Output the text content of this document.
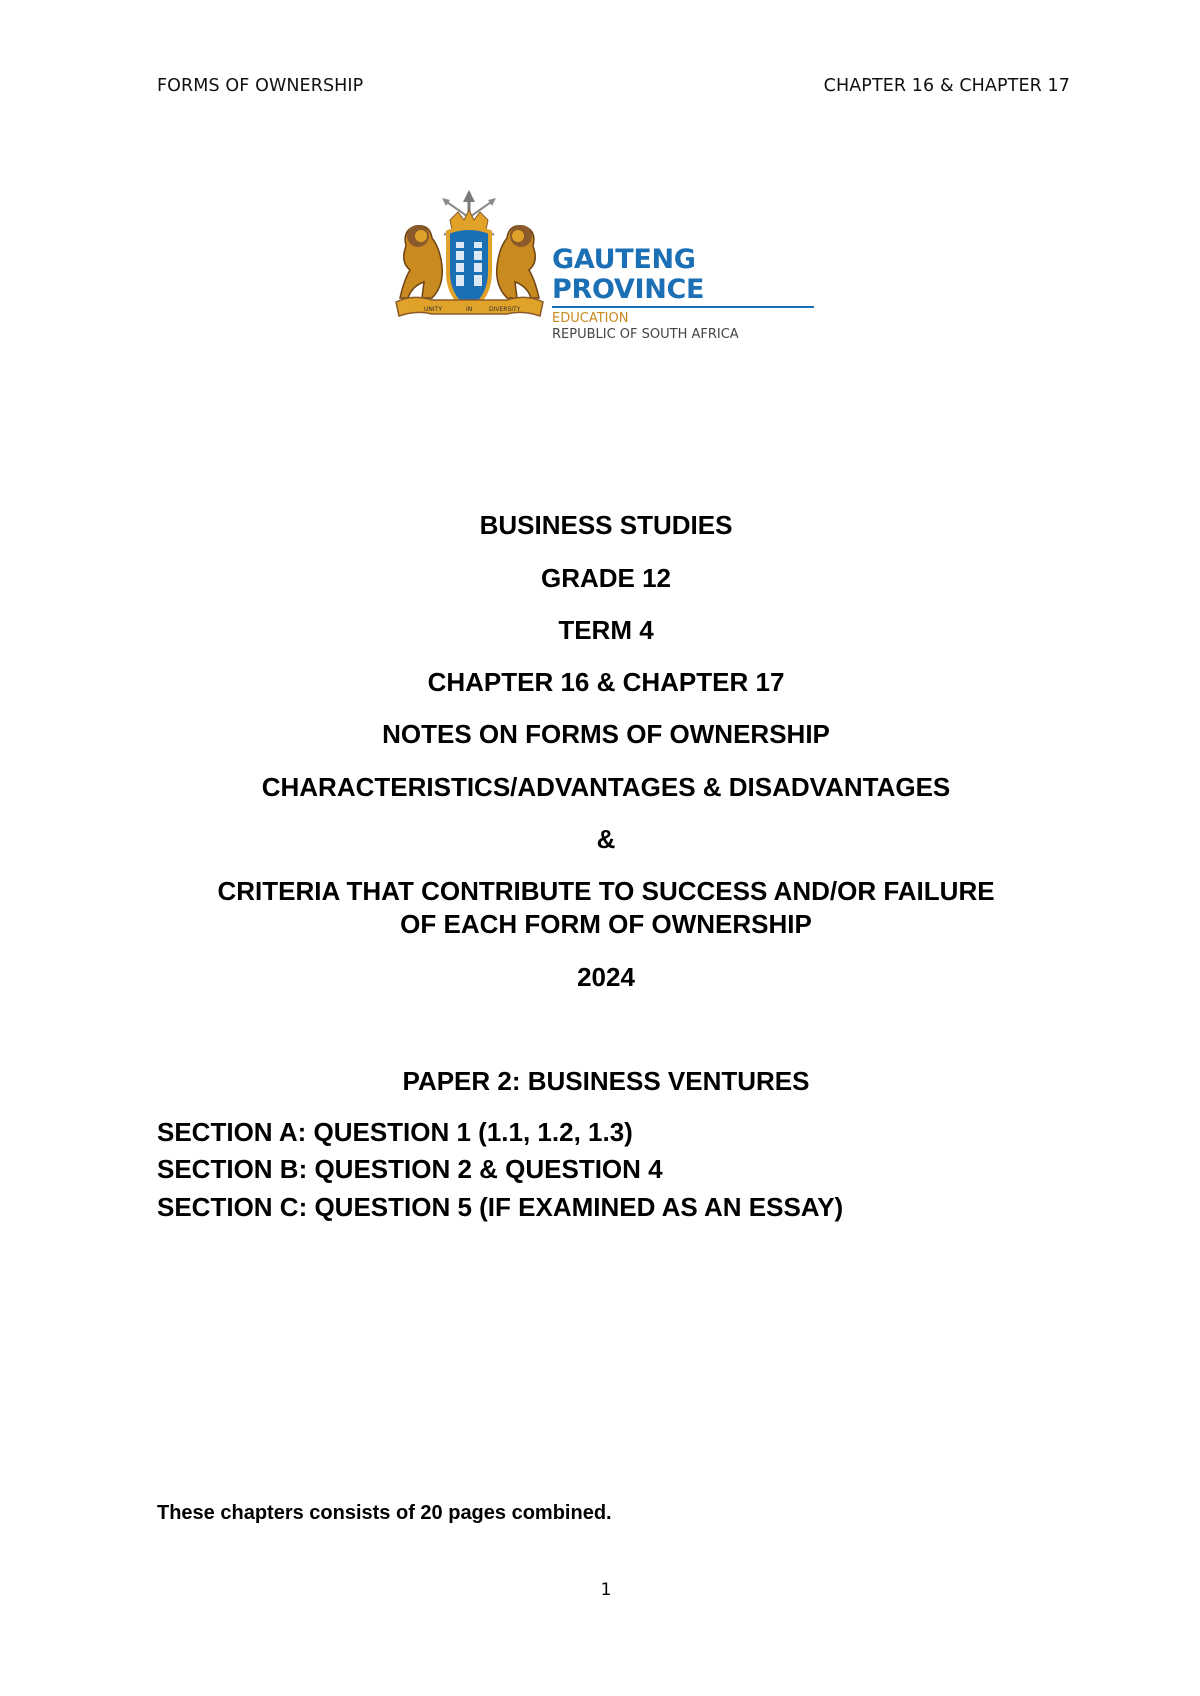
FORMS OF OWNERSHIP	CHAPTER 16 & CHAPTER 17
UNITY	IN	DIVERSITY
GAUTENG PROVINCE
EDUCATION
REPUBLIC OF SOUTH AFRICA
BUSINESS STUDIES
GRADE 12
TERM 4
CHAPTER 16 & CHAPTER 17
NOTES ON FORMS OF OWNERSHIP
CHARACTERISTICS/ADVANTAGES & DISADVANTAGES
&
CRITERIA THAT CONTRIBUTE TO SUCCESS AND/OR FAILURE
OF EACH FORM OF OWNERSHIP
2024
PAPER 2: BUSINESS VENTURES
SECTION A: QUESTION 1 (1.1, 1.2, 1.3)
SECTION B: QUESTION 2 & QUESTION 4
SECTION C: QUESTION 5 (IF EXAMINED AS AN ESSAY)
These chapters consists of 20 pages combined.
1
